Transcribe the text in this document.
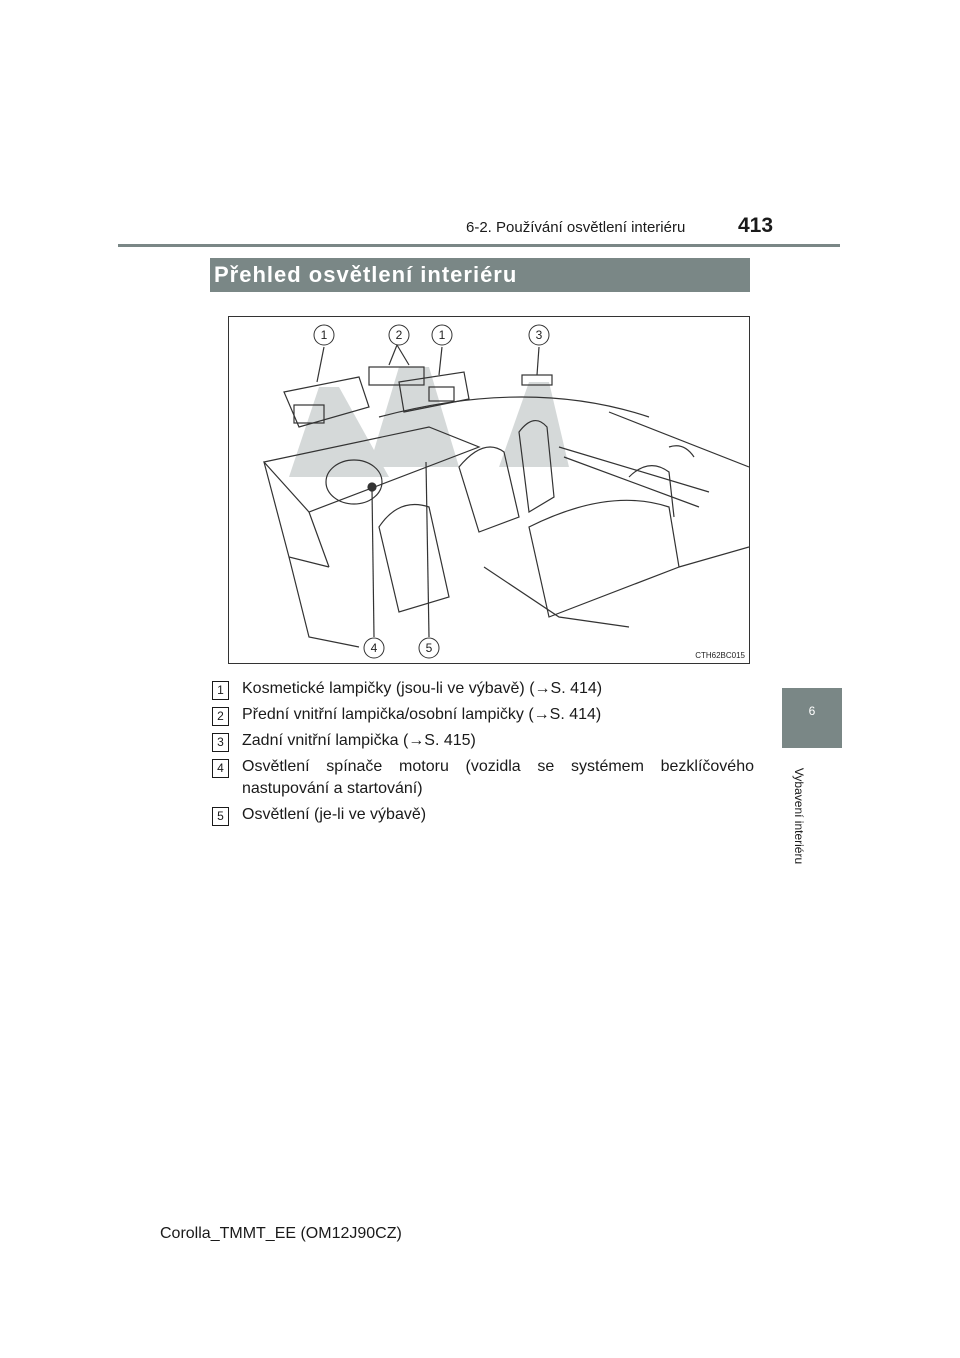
6-2. Používání osvětlení interiéru	413
Přehled osvětlení interiéru
6
Vybavení interiéru
1	2	1	3
4	5
CTH62BC015
1	Kosmetické lampičky (jsou-li ve výbavě) (→S. 414)
2	Přední vnitřní lampička/osobní lampičky (→S. 414)
3	Zadní vnitřní lampička (→S. 415)
4	Osvětlení spínače motoru (vozidla se systémem bezklíčového nastupování a startování)
5	Osvětlení (je-li ve výbavě)
Corolla_TMMT_EE (OM12J90CZ)
